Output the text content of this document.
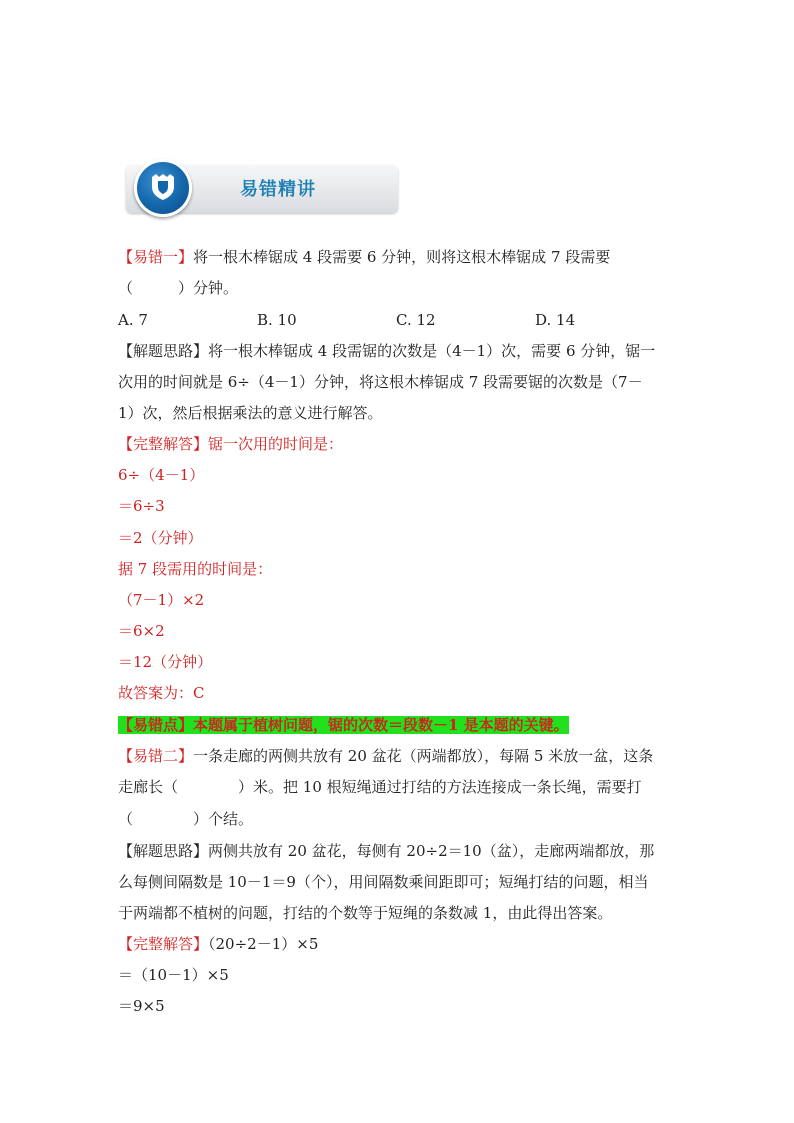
易错精讲
【易错一】将一根木棒锯成 4 段需要 6 分钟，则将这根木棒锯成 7 段需要
（　　　）分钟。
A. 7	B. 10	C. 12	D. 14
【解题思路】将一根木棒锯成 4 段需锯的次数是（4－1）次，需要 6 分钟，锯一
次用的时间就是 6÷（4－1）分钟，将这根木棒锯成 7 段需要锯的次数是（7－
1）次，然后根据乘法的意义进行解答。
【完整解答】锯一次用的时间是：
6÷（4－1）
＝6÷3
＝2（分钟）
据 7 段需用的时间是：
（7－1）×2
＝6×2
＝12（分钟）
故答案为：C
【易错点】本题属于植树问题，锯的次数＝段数－1 是本题的关键。
【易错二】一条走廊的两侧共放有 20 盆花（两端都放），每隔 5 米放一盆，这条
走廊长（　　　　）米。把 10 根短绳通过打结的方法连接成一条长绳，需要打
（　　　　）个结。
【解题思路】两侧共放有 20 盆花，每侧有 20÷2＝10（盆），走廊两端都放，那
么每侧间隔数是 10－1＝9（个），用间隔数乘间距即可；短绳打结的问题，相当
于两端都不植树的问题，打结的个数等于短绳的条数减 1，由此得出答案。
【完整解答】（20÷2－1）×5
＝（10－1）×5
＝9×5
